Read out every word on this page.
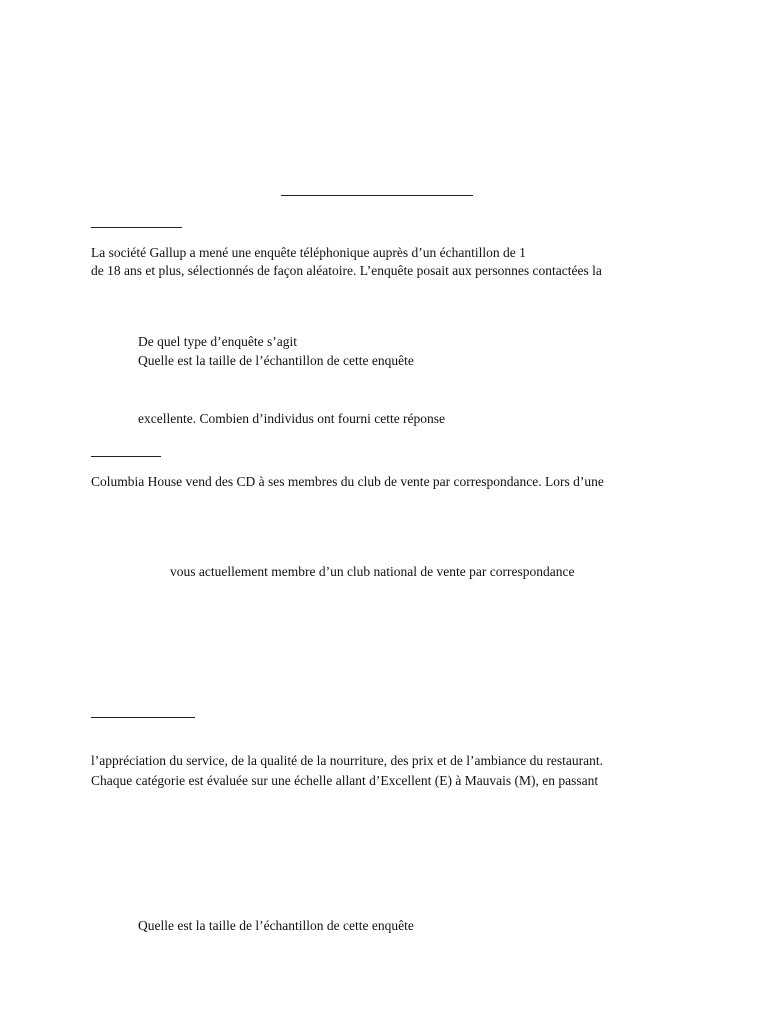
La société Gallup a mené une enquête téléphonique auprès d’un échantillon de 1
de 18 ans et plus, sélectionnés de façon aléatoire. L’enquête posait aux personnes contactées la
De quel type d’enquête s’agit
Quelle est la taille de l’échantillon de cette enquête
excellente. Combien d’individus ont fourni cette réponse
Columbia House vend des CD à ses membres du club de vente par correspondance. Lors d’une
vous actuellement membre d’un club national de vente par correspondance
l’appréciation du service, de la qualité de la nourriture, des prix et de l’ambiance du restaurant.
Chaque catégorie est évaluée sur une échelle allant d’Excellent (E) à Mauvais (M), en passant
Quelle est la taille de l’échantillon de cette enquête
